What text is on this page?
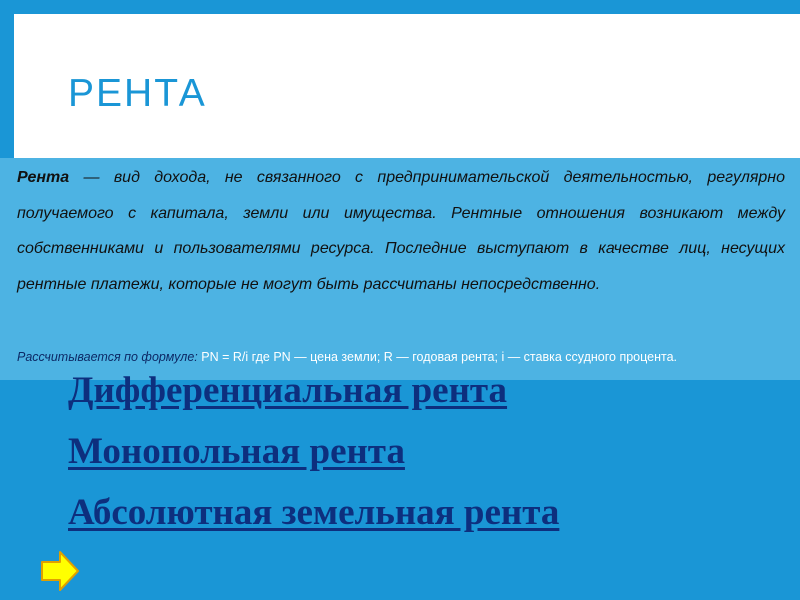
РЕНТА

Рента — вид дохода, не связанного с предпринимательской деятельностью, регулярно получаемого с капитала, земли или имущества. Рентные отношения возникают между собственниками и пользователями ресурса. Последние выступают в качестве лиц, несущих рентные платежи, которые не могут быть рассчитаны непосредственно.

Рассчитывается по формуле: PN = R/i где PN — цена земли; R — годовая рента; i — ставка ссудного процента.

Дифференциальная рента
Монопольная рента
Абсолютная земельная рента
